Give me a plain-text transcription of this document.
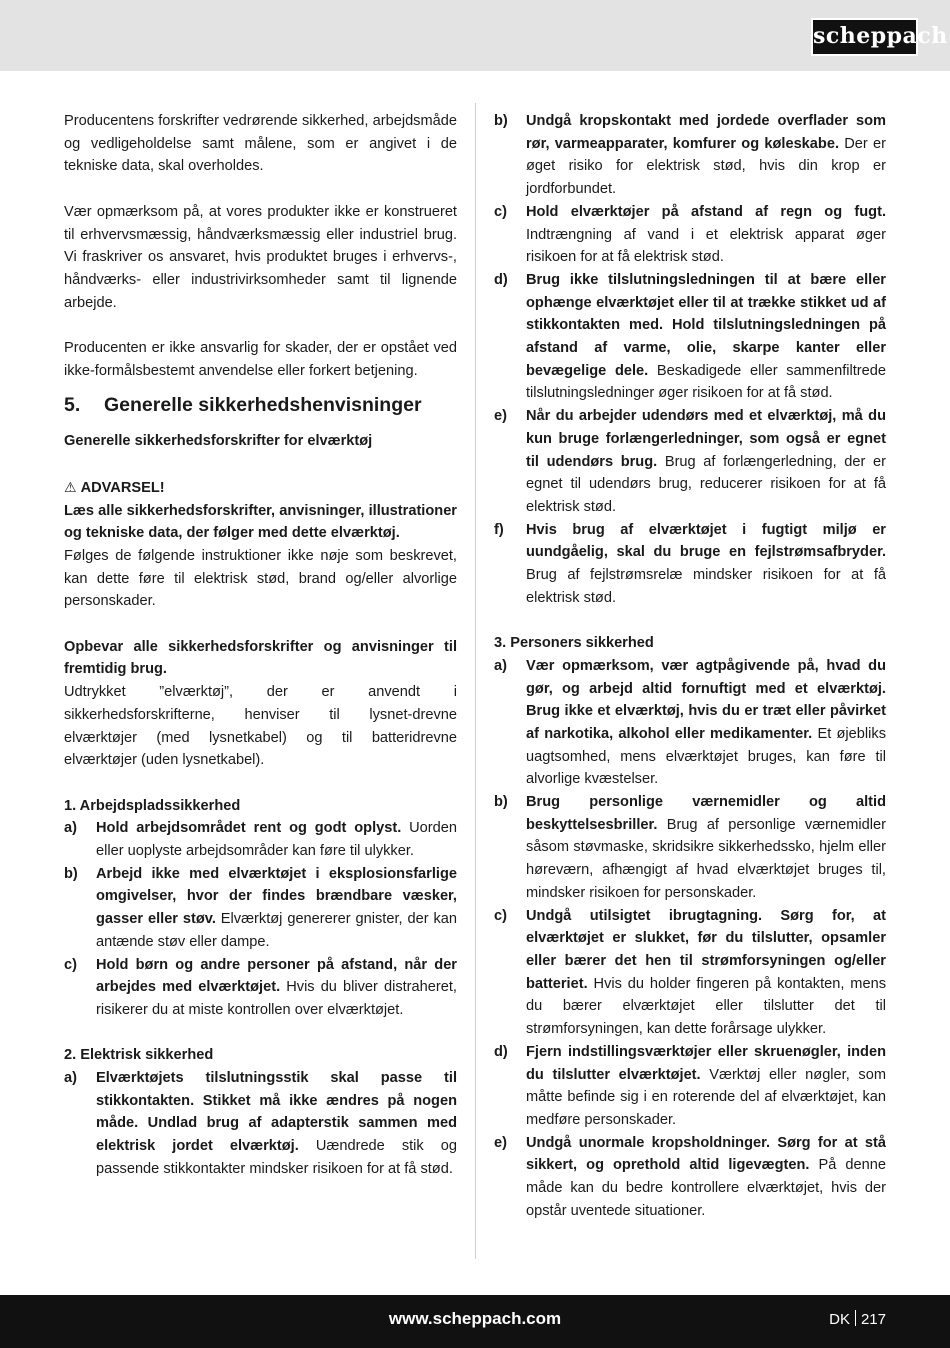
scheppach

Producentens forskrifter vedrørende sikkerhed, arbejdsmåde og vedligeholdelse samt målene, som er angivet i de tekniske data, skal overholdes.

Vær opmærksom på, at vores produkter ikke er konstrueret til erhvervsmæssig, håndværksmæssig eller industriel brug. Vi fraskriver os ansvaret, hvis produktet bruges i erhvervs-, håndværks- eller industrivirksomheder samt til lignende arbejde.

Producenten er ikke ansvarlig for skader, der er opstået ved ikke-formålsbestemt anvendelse eller forkert betjening.

5. Generelle sikkerhedshenvisninger

Generelle sikkerhedsforskrifter for elværktøj

⚠ ADVARSEL!

Læs alle sikkerhedsforskrifter, anvisninger, illustrationer og tekniske data, der følger med dette elværktøj.

Følges de følgende instruktioner ikke nøje som beskrevet, kan dette føre til elektrisk stød, brand og/eller alvorlige personskader.

Opbevar alle sikkerhedsforskrifter og anvisninger til fremtidig brug.

Udtrykket ”elværktøj”, der er anvendt i sikkerhedsforskrifterne, henviser til lysnet-drevne elværktøjer (med lysnetkabel) og til batteridrevne elværktøjer (uden lysnetkabel).

1. Arbejdspladssikkerhed

a)	Hold arbejdsområdet rent og godt oplyst. Uorden eller uoplyste arbejdsområder kan føre til ulykker.
b)	Arbejd ikke med elværktøjet i eksplosionsfarlige omgivelser, hvor der findes brændbare væsker, gasser eller støv. Elværktøj genererer gnister, der kan antænde støv eller dampe.
c)	Hold børn og andre personer på afstand, når der arbejdes med elværktøjet. Hvis du bliver distraheret, risikerer du at miste kontrollen over elværktøjet.

2. Elektrisk sikkerhed

a)	Elværktøjets tilslutningsstik skal passe til stikkontakten. Stikket må ikke ændres på nogen måde. Undlad brug af adapterstik sammen med elektrisk jordet elværktøj. Uændrede stik og passende stikkontakter mindsker risikoen for at få stød.
b)	Undgå kropskontakt med jordede overflader som rør, varmeapparater, komfurer og køleskabe. Der er øget risiko for elektrisk stød, hvis din krop er jordforbundet.
c)	Hold elværktøjer på afstand af regn og fugt. Indtrængning af vand i et elektrisk apparat øger risikoen for at få elektrisk stød.
d)	Brug ikke tilslutningsledningen til at bære eller ophænge elværktøjet eller til at trække stikket ud af stikkontakten med. Hold tilslutningsledningen på afstand af varme, olie, skarpe kanter eller bevægelige dele. Beskadigede eller sammenfiltrede tilslutningsledninger øger risikoen for at få stød.
e)	Når du arbejder udendørs med et elværktøj, må du kun bruge forlængerledninger, som også er egnet til udendørs brug. Brug af forlængerledning, der er egnet til udendørs brug, reducerer risikoen for at få elektrisk stød.
f)	Hvis brug af elværktøjet i fugtigt miljø er uundgåelig, skal du bruge en fejlstrømsafbryder. Brug af fejlstrømsrelæ mindsker risikoen for at få elektrisk stød.

3. Personers sikkerhed

a)	Vær opmærksom, vær agtpågivende på, hvad du gør, og arbejd altid fornuftigt med et elværktøj. Brug ikke et elværktøj, hvis du er træt eller påvirket af narkotika, alkohol eller medikamenter. Et øjebliks uagtsomhed, mens elværktøjet bruges, kan føre til alvorlige kvæstelser.
b)	Brug personlige værnemidler og altid beskyttelsesbriller. Brug af personlige værnemidler såsom støvmaske, skridsikre sikkerhedssko, hjelm eller høreværn, afhængigt af hvad elværktøjet bruges til, mindsker risikoen for personskader.
c)	Undgå utilsigtet ibrugtagning. Sørg for, at elværktøjet er slukket, før du tilslutter, opsamler eller bærer det hen til strømforsyningen og/eller batteriet. Hvis du holder fingeren på kontakten, mens du bærer elværktøjet eller tilslutter det til strømforsyningen, kan dette forårsage ulykker.
d)	Fjern indstillingsværktøjer eller skruenøgler, inden du tilslutter elværktøjet. Værktøj eller nøgler, som måtte befinde sig i en roterende del af elværktøjet, kan medføre personskader.
e)	Undgå unormale kropsholdninger. Sørg for at stå sikkert, og oprethold altid ligevægten. På denne måde kan du bedre kontrollere elværktøjet, hvis der opstår uventede situationer.
www.scheppach.com	DK 217
